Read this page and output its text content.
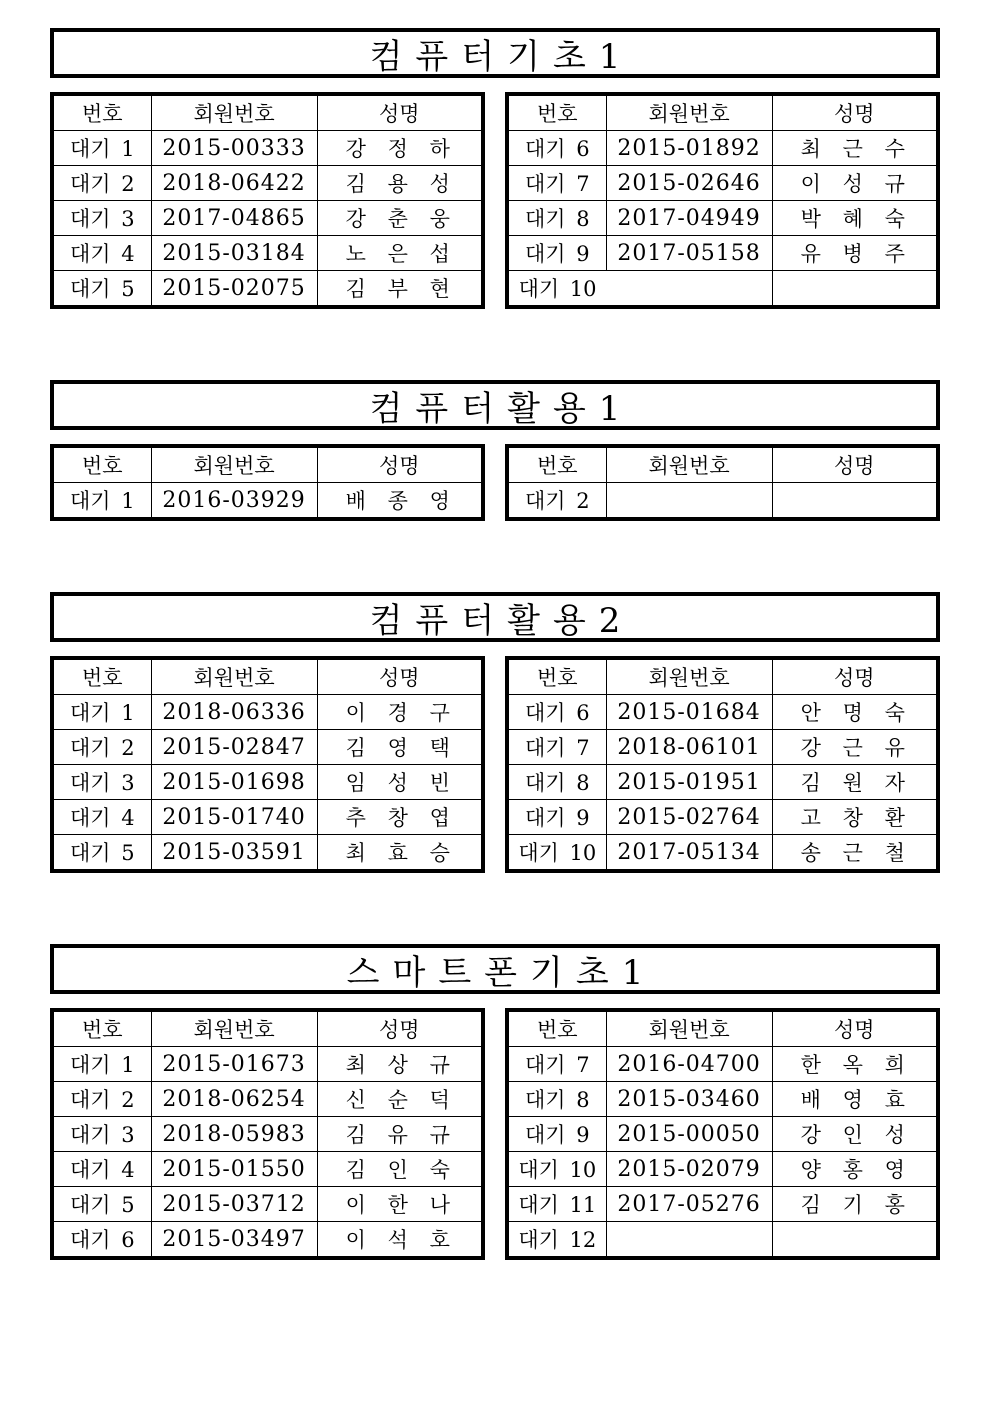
컴퓨터기초1
번호	회원번호	성명
대기 1	2015-00333	강 정 하
대기 2	2018-06422	김 용 성
대기 3	2017-04865	강 춘 웅
대기 4	2015-03184	노 은 섭
대기 5	2015-02075	김 부 현
번호	회원번호	성명
대기 6	2015-01892	최 근 수
대기 7	2015-02646	이 성 규
대기 8	2017-04949	박 혜 숙
대기 9	2017-05158	유 병 주
대기 10		
컴퓨터활용1
번호	회원번호	성명
대기 1	2016-03929	배 종 영
번호	회원번호	성명
대기 2		
컴퓨터활용2
번호	회원번호	성명
대기 1	2018-06336	이 경 구
대기 2	2015-02847	김 영 택
대기 3	2015-01698	임 성 빈
대기 4	2015-01740	추 창 엽
대기 5	2015-03591	최 효 승
번호	회원번호	성명
대기 6	2015-01684	안 명 숙
대기 7	2018-06101	강 근 유
대기 8	2015-01951	김 원 자
대기 9	2015-02764	고 창 환
대기 10	2017-05134	송 근 철
스마트폰기초1
번호	회원번호	성명
대기 1	2015-01673	최 상 규
대기 2	2018-06254	신 순 덕
대기 3	2018-05983	김 유 규
대기 4	2015-01550	김 인 숙
대기 5	2015-03712	이 한 나
대기 6	2015-03497	이 석 호
번호	회원번호	성명
대기 7	2016-04700	한 옥 희
대기 8	2015-03460	배 영 효
대기 9	2015-00050	강 인 성
대기 10	2015-02079	양 홍 영
대기 11	2017-05276	김 기 홍
대기 12		
